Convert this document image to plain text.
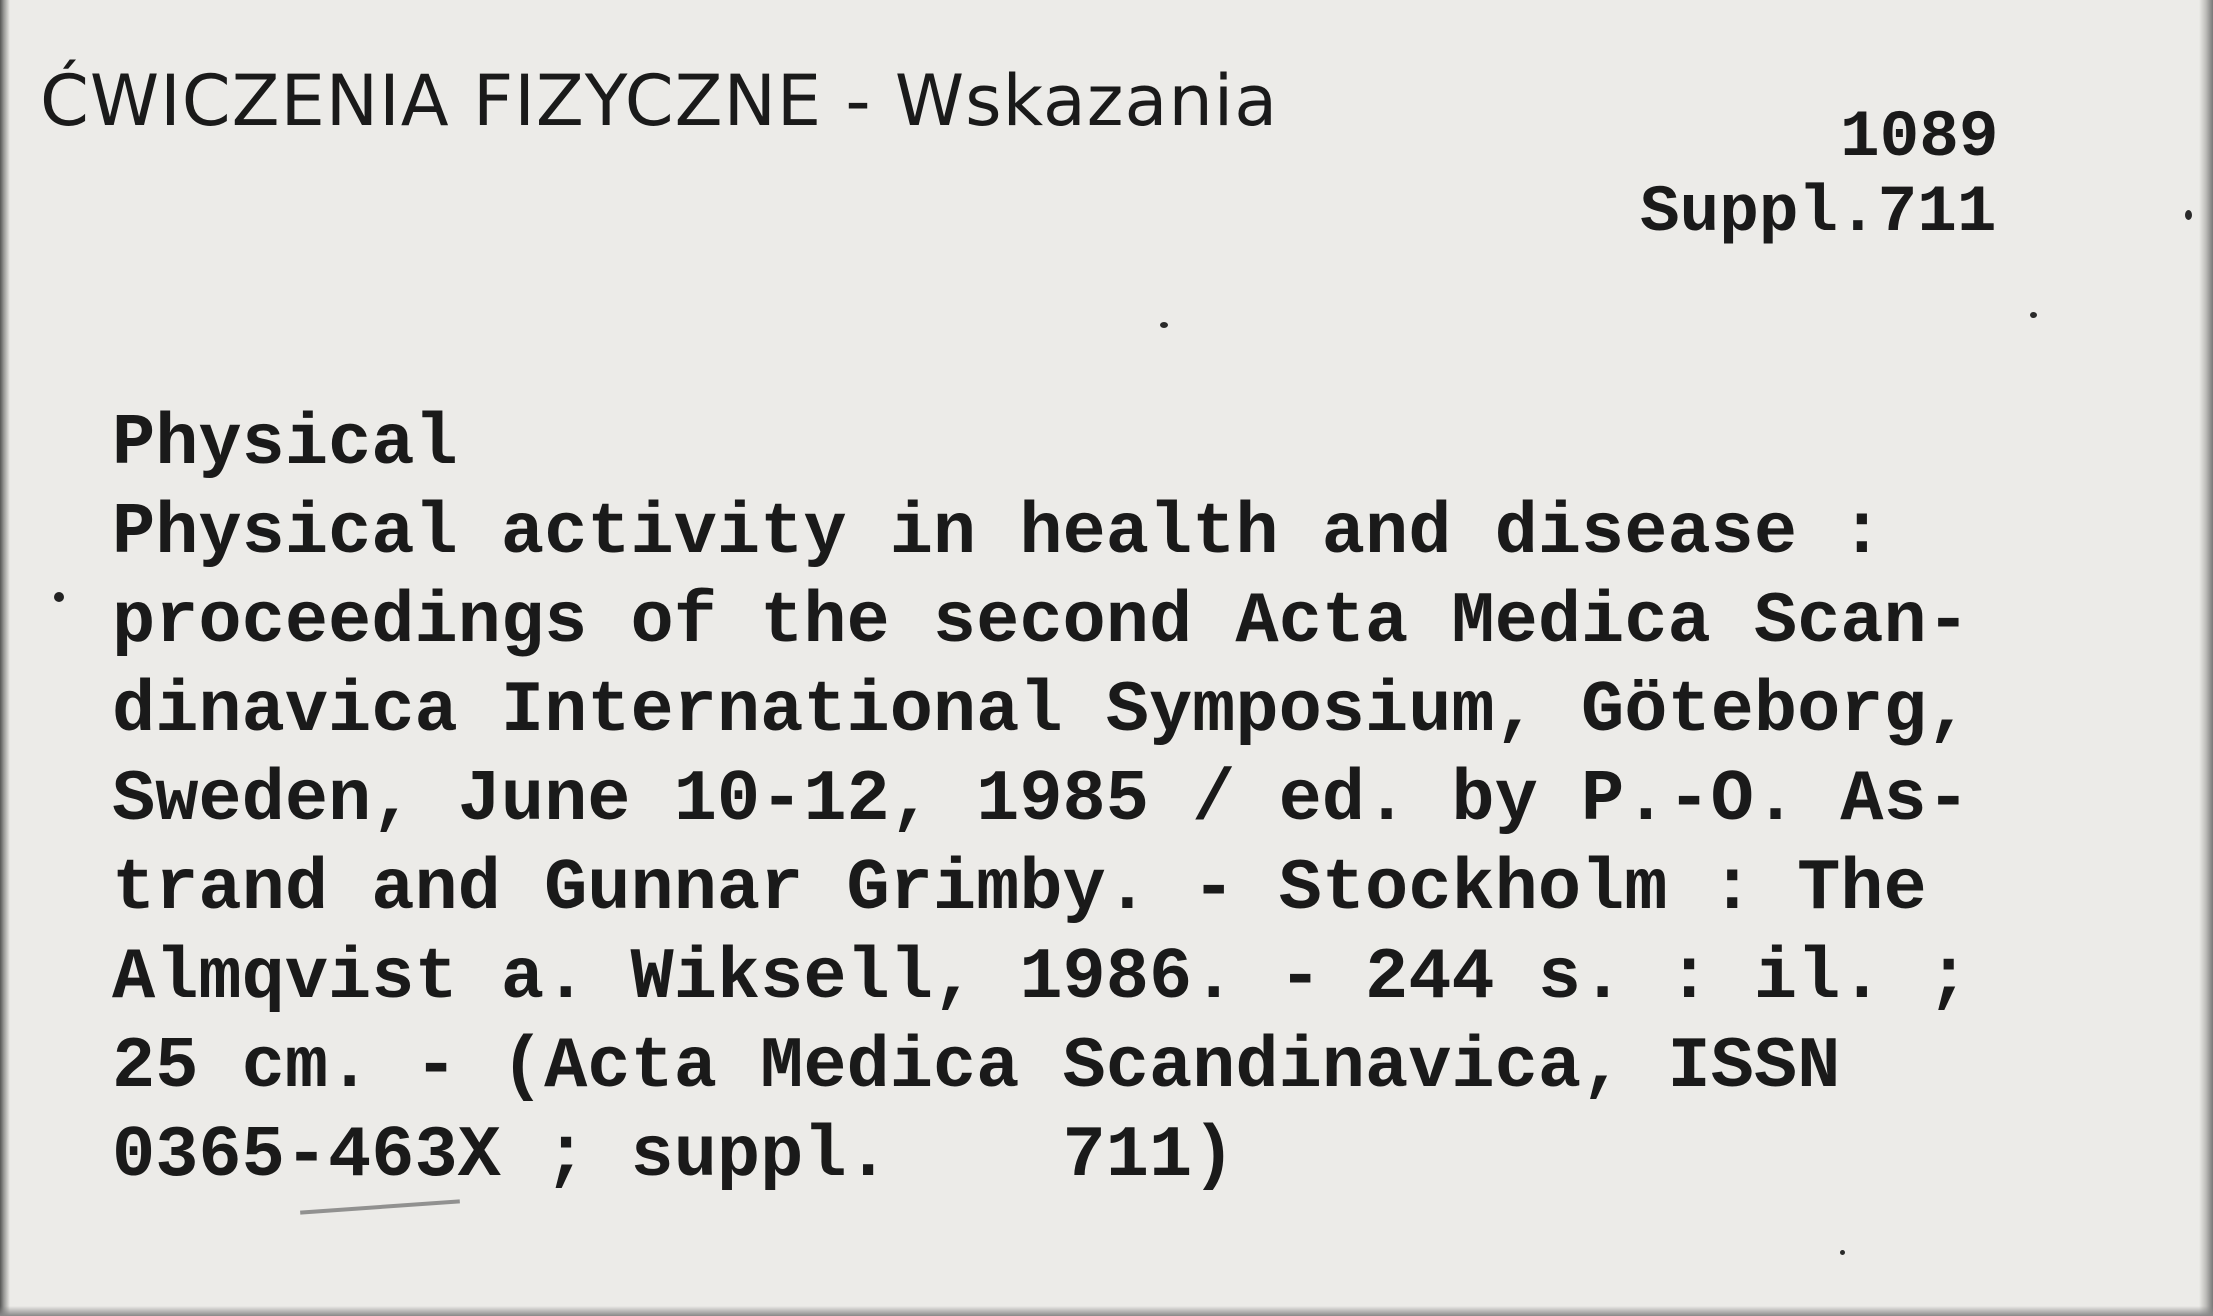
ĆWICZENIA FIZYCZNE - Wskazania	1089
Suppl.711
Physical
Physical activity in health and disease :
proceedings of the second Acta Medica Scan-
dinavica International Symposium, Göteborg,
Sweden, June 10-12, 1985 / ed. by P.-O. As-
trand and Gunnar Grimby. - Stockholm : The
Almqvist a. Wiksell, 1986. - 244 s. : il. ;
25 cm. - (Acta Medica Scandinavica, ISSN
0365-463X ; suppl.    711)
